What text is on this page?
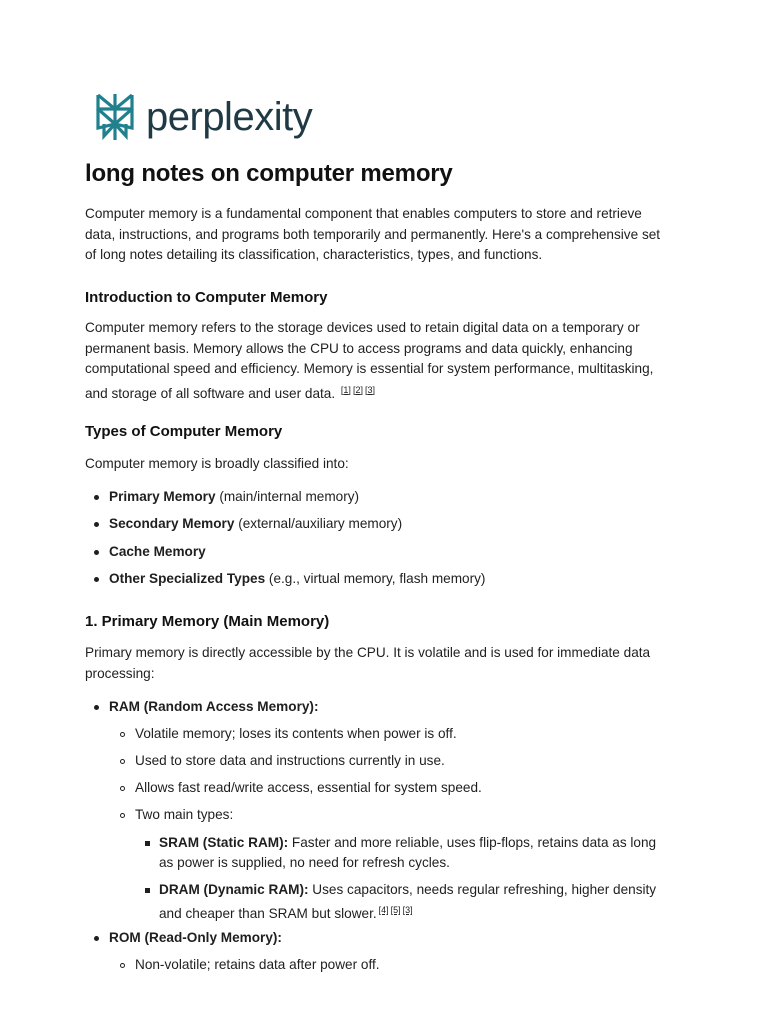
perplexity
long notes on computer memory

Computer memory is a fundamental component that enables computers to store and retrieve
data, instructions, and programs both temporarily and permanently. Here's a comprehensive set
of long notes detailing its classification, characteristics, types, and functions.

Introduction to Computer Memory

Computer memory refers to the storage devices used to retain digital data on a temporary or
permanent basis. Memory allows the CPU to access programs and data quickly, enhancing
computational speed and efficiency. Memory is essential for system performance, multitasking,
and storage of all software and user data. [1] [2] [3]

Types of Computer Memory

Computer memory is broadly classified into:

Primary Memory (main/internal memory)
Secondary Memory (external/auxiliary memory)
Cache Memory
Other Specialized Types (e.g., virtual memory, flash memory)
1. Primary Memory (Main Memory)

Primary memory is directly accessible by the CPU. It is volatile and is used for immediate data
processing:

RAM (Random Access Memory):
Volatile memory; loses its contents when power is off.
Used to store data and instructions currently in use.
Allows fast read/write access, essential for system speed.
Two main types:
SRAM (Static RAM): Faster and more reliable, uses flip-flops, retains data as long
as power is supplied, no need for refresh cycles.
DRAM (Dynamic RAM): Uses capacitors, needs regular refreshing, higher density
and cheaper than SRAM but slower. [4] [5] [3]
ROM (Read-Only Memory):
Non-volatile; retains data after power off.
